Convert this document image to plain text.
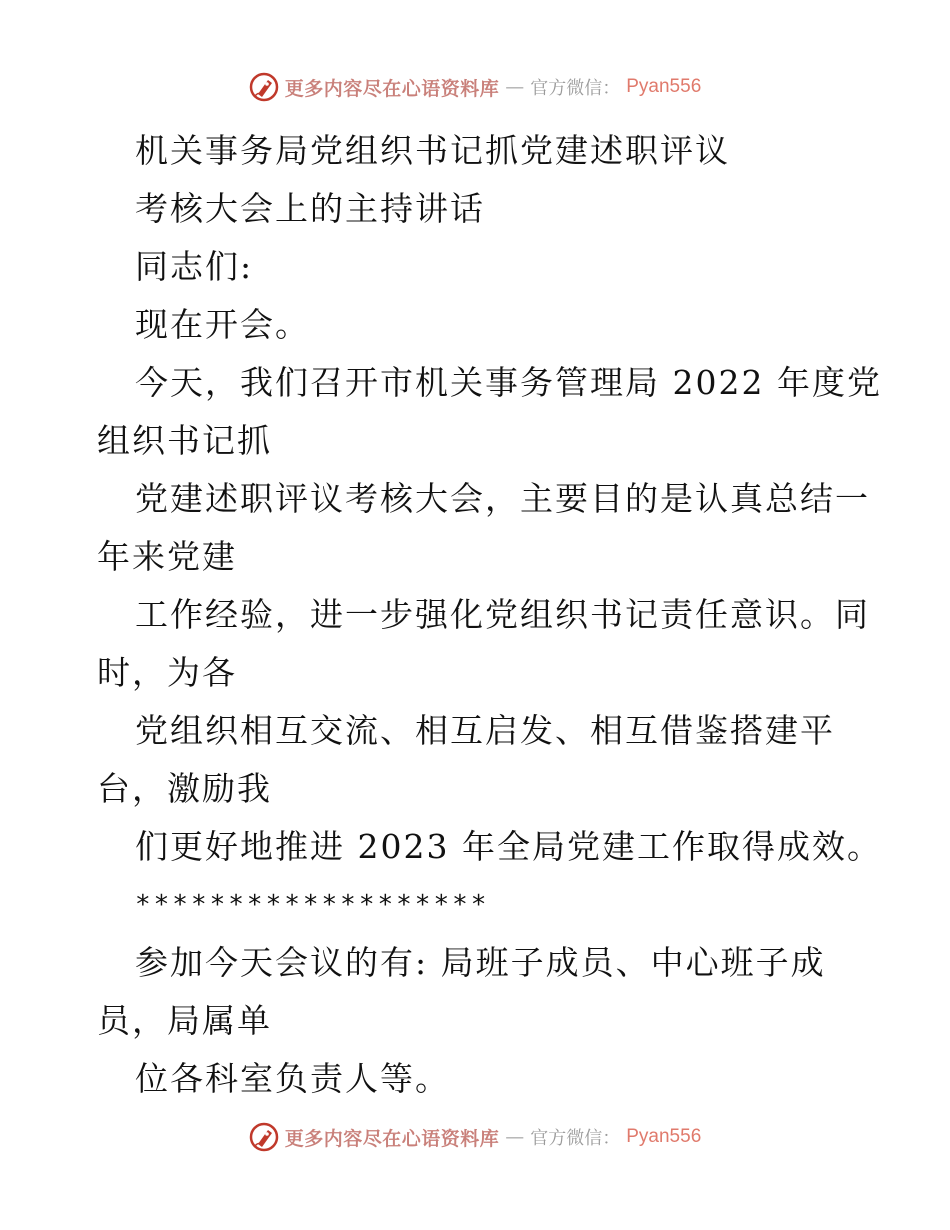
更多内容尽在心语资料库 — 官方微信： Pyan556
机关事务局党组织书记抓党建述职评议
考核大会上的主持讲话
同志们:
现在开会。
今天，我们召开市机关事务管理局 2022 年度党
组织书记抓
党建述职评议考核大会，主要目的是认真总结一
年来党建
工作经验，进一步强化党组织书记责任意识。同
时，为各
党组织相互交流、相互启发、相互借鉴搭建平
台，激励我
们更好地推进 2023 年全局党建工作取得成效。
*******************
参加今天会议的有: 局班子成员、中心班子成
员，局属单
位各科室负责人等。
更多内容尽在心语资料库 — 官方微信： Pyan556
